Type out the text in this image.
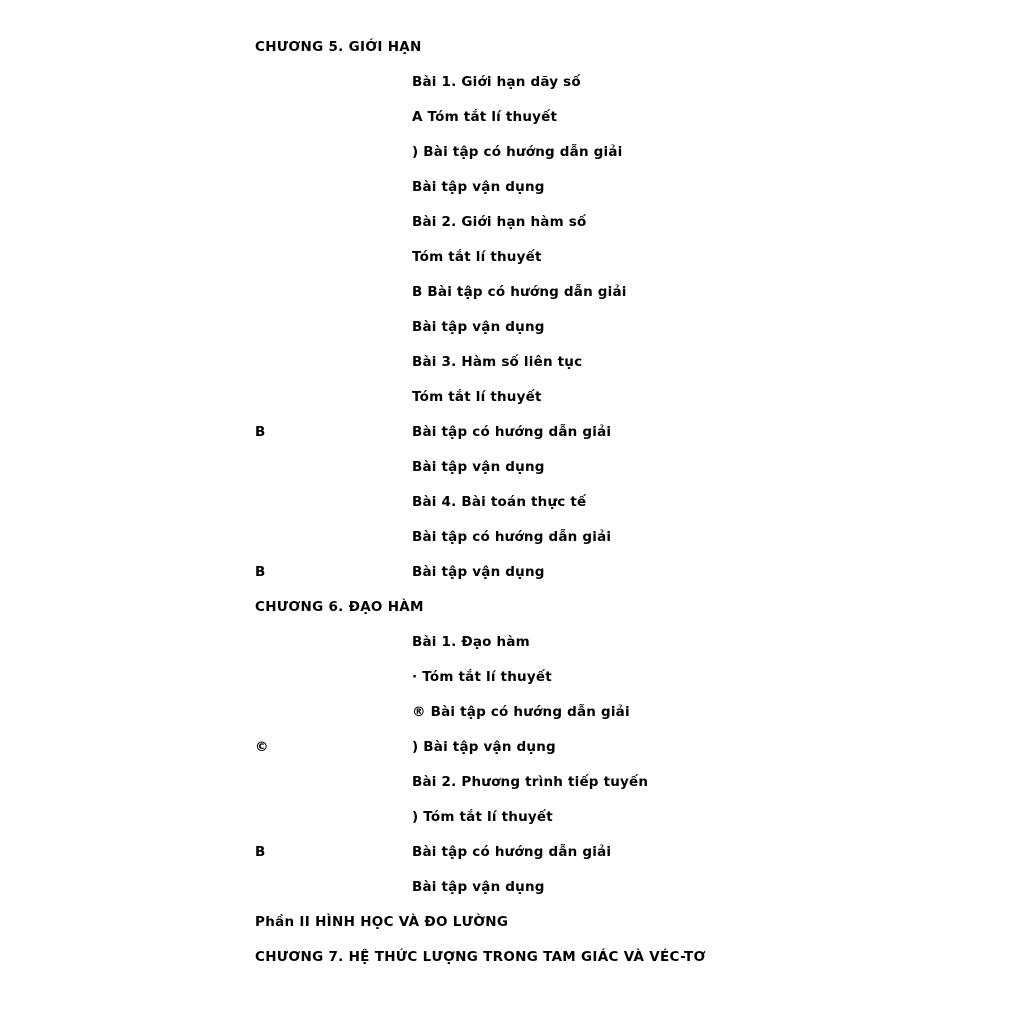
CHƯƠNG 5. GIỚI HẠN
Bài 1. Giới hạn dãy số
A Tóm tắt lí thuyết
) Bài tập có hướng dẫn giải
Bài tập vận dụng
Bài 2. Giới hạn hàm số
Tóm tắt lí thuyết
B Bài tập có hướng dẫn giải
Bài tập vận dụng
Bài 3. Hàm số liên tục
Tóm tắt lí thuyết
B	Bài tập có hướng dẫn giải
Bài tập vận dụng
Bài 4. Bài toán thực tế
Bài tập có hướng dẫn giải
B	Bài tập vận dụng
CHƯƠNG 6. ĐẠO HÀM
Bài 1. Đạo hàm
· Tóm tắt lí thuyết
® Bài tập có hướng dẫn giải
©	) Bài tập vận dụng
Bài 2. Phương trình tiếp tuyến
) Tóm tắt lí thuyết
B	Bài tập có hướng dẫn giải
Bài tập vận dụng
Phần II HÌNH HỌC VÀ ĐO LƯỜNG
CHƯƠNG 7. HỆ THỨC LƯỢNG TRONG TAM GIÁC VÀ VÉC-TƠ
